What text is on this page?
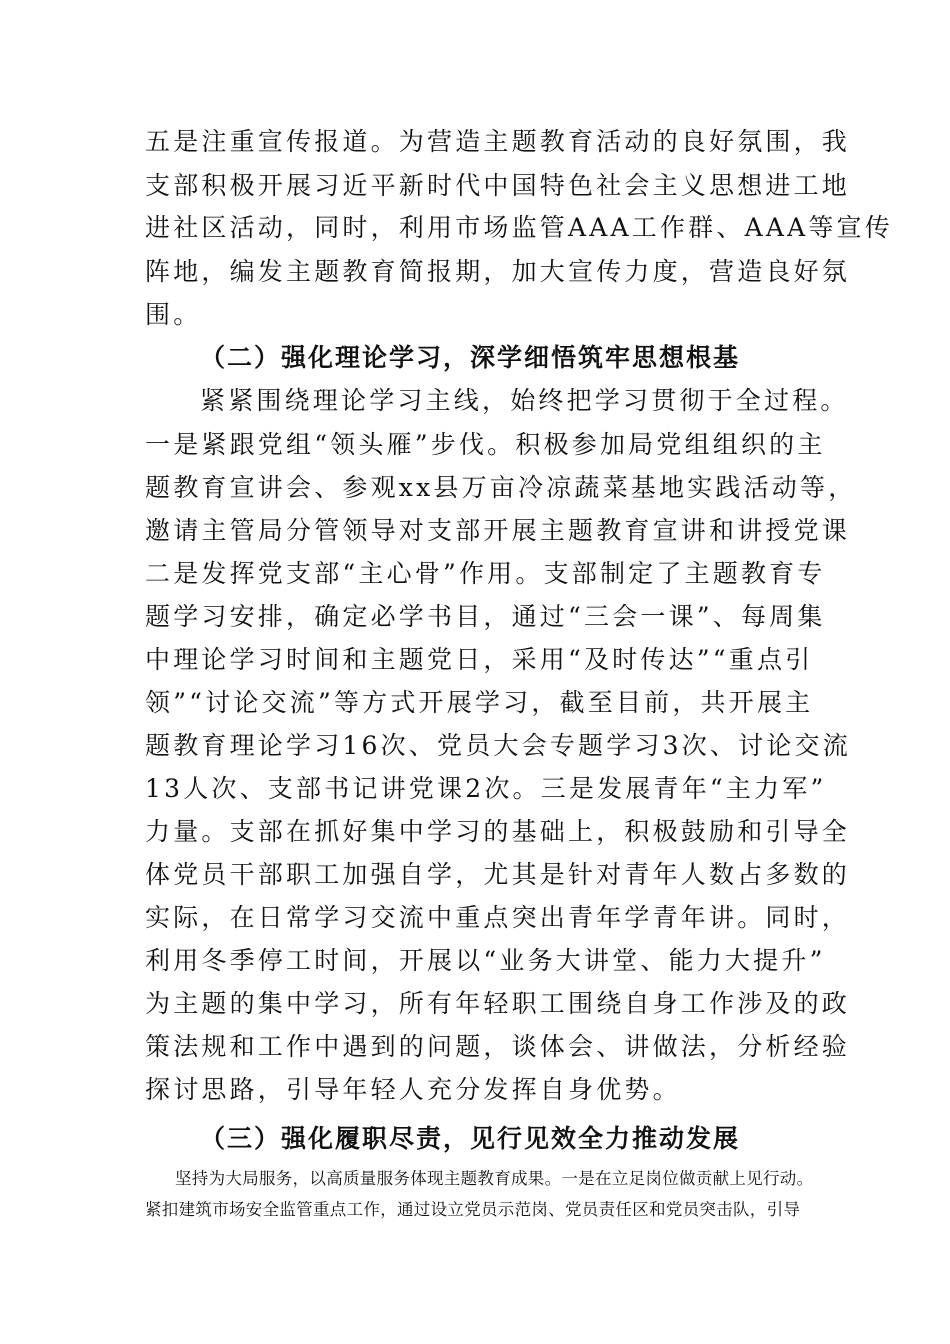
五是注重宣传报道。为营造主题教育活动的良好氛围，我
支部积极开展习近平新时代中国特色社会主义思想进工地
进社区活动，同时，利用市场监管AAA工作群、AAA等宣传
阵地，编发主题教育简报期，加大宣传力度，营造良好氛
围。
（二）强化理论学习，深学细悟筑牢思想根基
紧紧围绕理论学习主线，始终把学习贯彻于全过程。
一是紧跟党组“领头雁”步伐。积极参加局党组组织的主
题教育宣讲会、参观xx县万亩冷凉蔬菜基地实践活动等，
邀请主管局分管领导对支部开展主题教育宣讲和讲授党课
二是发挥党支部“主心骨”作用。支部制定了主题教育专
题学习安排，确定必学书目，通过“三会一课”、每周集
中理论学习时间和主题党日，采用“及时传达”“重点引
领”“讨论交流”等方式开展学习，截至目前，共开展主
题教育理论学习16次、党员大会专题学习3次、讨论交流
13人次、支部书记讲党课2次。三是发展青年“主力军”
力量。支部在抓好集中学习的基础上，积极鼓励和引导全
体党员干部职工加强自学，尤其是针对青年人数占多数的
实际，在日常学习交流中重点突出青年学青年讲。同时，
利用冬季停工时间，开展以“业务大讲堂、能力大提升”
为主题的集中学习，所有年轻职工围绕自身工作涉及的政
策法规和工作中遇到的问题，谈体会、讲做法，分析经验
探讨思路，引导年轻人充分发挥自身优势。
（三）强化履职尽责，见行见效全力推动发展
坚持为大局服务，以高质量服务体现主题教育成果。一是在立足岗位做贡献上见行动。
紧扣建筑市场安全监管重点工作，通过设立党员示范岗、党员责任区和党员突击队，引导
